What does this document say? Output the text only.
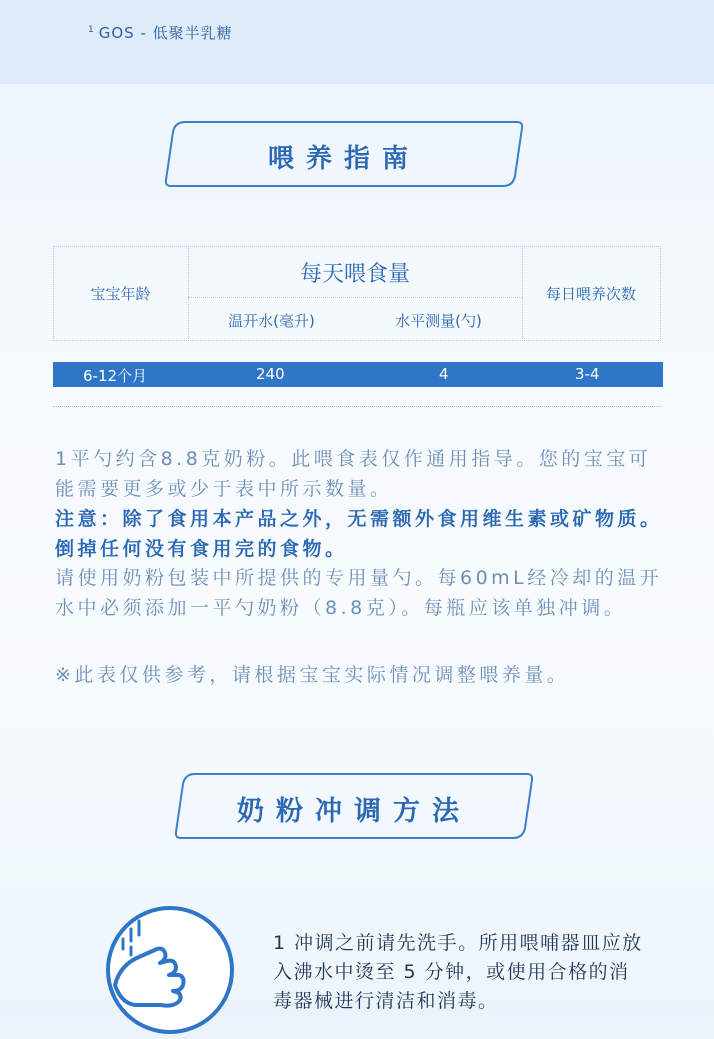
$^1$ GOS - 低聚半乳糖
喂养指南
宝宝年龄
每天喂食量
温开水(毫升)	水平测量(勺)
每日喂养次数
6-12个月	240	4	3-4
1平勺约含8.8克奶粉。此喂食表仅作通用指导。您的宝宝可能需要更多或少于表中所示数量。
注意：除了食用本产品之外，无需额外食用维生素或矿物质。倒掉任何没有食用完的食物。
请使用奶粉包装中所提供的专用量勺。每60mL经冷却的温开水中必须添加一平勺奶粉（8.8克）。每瓶应该单独冲调。
※此表仅供参考，请根据宝宝实际情况调整喂养量。
奶粉冲调方法
1 冲调之前请先洗手。所用喂哺器皿应放入沸水中烫至 5 分钟，或使用合格的消毒器械进行清洁和消毒。
